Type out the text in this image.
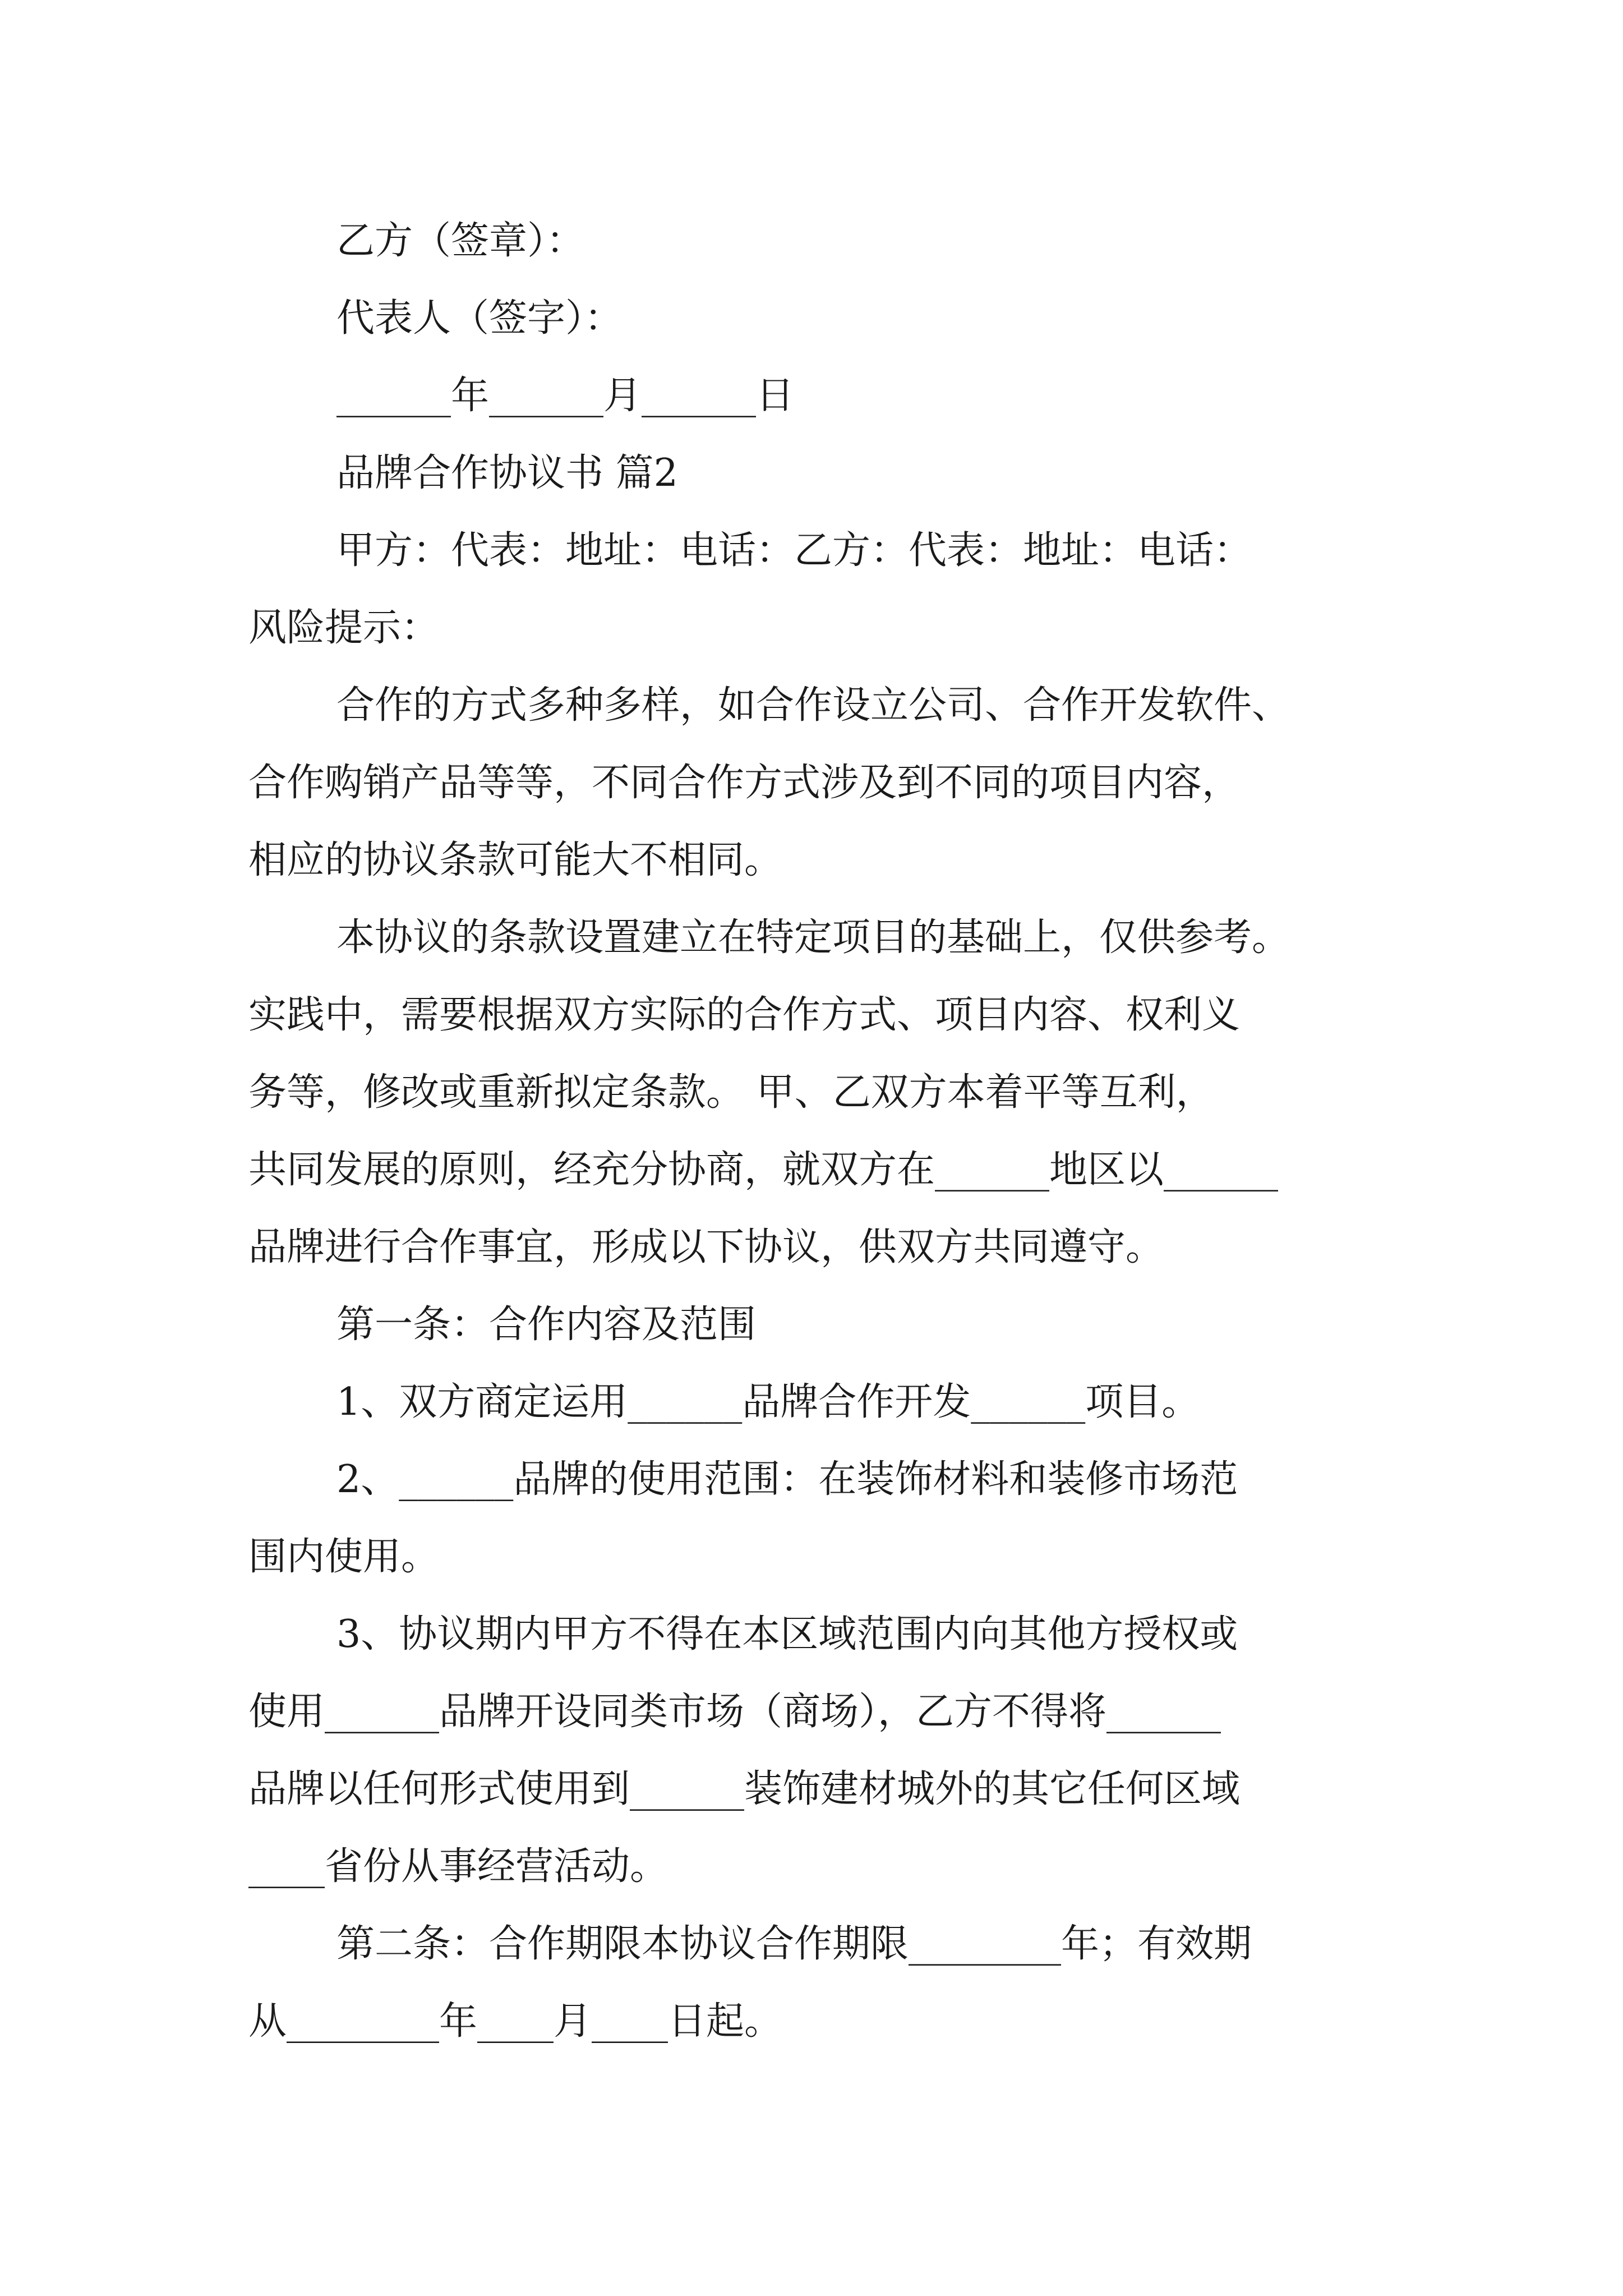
乙方（签章）：
代表人（签字）：
______年______月______日
品牌合作协议书 篇2
甲方：代表：地址：电话：乙方：代表：地址：电话：
风险提示：
合作的方式多种多样，如合作设立公司、合作开发软件、
合作购销产品等等，不同合作方式涉及到不同的项目内容，
相应的协议条款可能大不相同。
本协议的条款设置建立在特定项目的基础上，仅供参考。
实践中，需要根据双方实际的合作方式、项目内容、权利义
务等，修改或重新拟定条款。 甲、乙双方本着平等互利，
共同发展的原则，经充分协商，就双方在______地区以______
品牌进行合作事宜，形成以下协议，供双方共同遵守。
第一条：合作内容及范围
1、双方商定运用______品牌合作开发______项目。
2、______品牌的使用范围：在装饰材料和装修市场范
围内使用。
3、协议期内甲方不得在本区域范围内向其他方授权或
使用______品牌开设同类市场（商场），乙方不得将______
品牌以任何形式使用到______装饰建材城外的其它任何区域
____省份从事经营活动。
第二条：合作期限本协议合作期限________年；有效期
从________年____月____日起。
